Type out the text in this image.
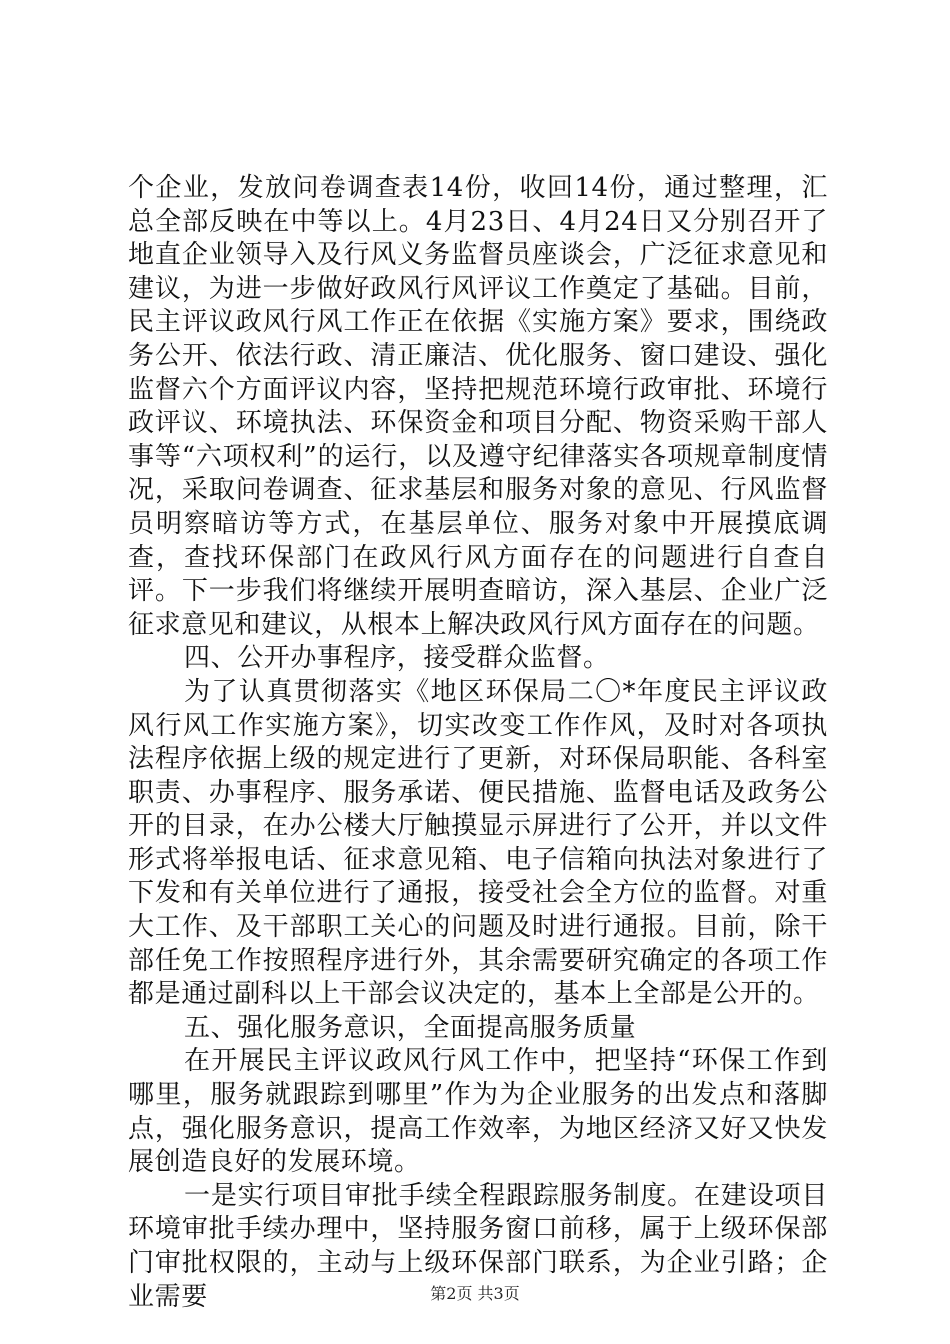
个企业，发放问卷调查表14份，收回14份，通过整理，汇总全部反映在中等以上。4月23日、4月24日又分别召开了地直企业领导入及行风义务监督员座谈会，广泛征求意见和建议，为进一步做好政风行风评议工作奠定了基础。目前，民主评议政风行风工作正在依据《实施方案》要求，围绕政务公开、依法行政、清正廉洁、优化服务、窗口建设、强化监督六个方面评议内容，坚持把规范环境行政审批、环境行政评议、环境执法、环保资金和项目分配、物资采购干部人事等“六项权利”的运行，以及遵守纪律落实各项规章制度情况，采取问卷调查、征求基层和服务对象的意见、行风监督员明察暗访等方式，在基层单位、服务对象中开展摸底调查，查找环保部门在政风行风方面存在的问题进行自查自评。下一步我们将继续开展明查暗访，深入基层、企业广泛征求意见和建议，从根本上解决政风行风方面存在的问题。

四、公开办事程序，接受群众监督。

为了认真贯彻落实《地区环保局二〇*年度民主评议政风行风工作实施方案》，切实改变工作作风，及时对各项执法程序依据上级的规定进行了更新，对环保局职能、各科室职责、办事程序、服务承诺、便民措施、监督电话及政务公开的目录，在办公楼大厅触摸显示屏进行了公开，并以文件形式将举报电话、征求意见箱、电子信箱向执法对象进行了下发和有关单位进行了通报，接受社会全方位的监督。对重大工作、及干部职工关心的问题及时进行通报。目前，除干部任免工作按照程序进行外，其余需要研究确定的各项工作都是通过副科以上干部会议决定的，基本上全部是公开的。

五、强化服务意识，全面提高服务质量

在开展民主评议政风行风工作中，把坚持“环保工作到哪里，服务就跟踪到哪里”作为为企业服务的出发点和落脚点，强化服务意识，提高工作效率，为地区经济又好又快发展创造良好的发展环境。

一是实行项目审批手续全程跟踪服务制度。在建设项目环境审批手续办理中，坚持服务窗口前移，属于上级环保部门审批权限的，主动与上级环保部门联系，为企业引路；企业需要	第2页 共3页
